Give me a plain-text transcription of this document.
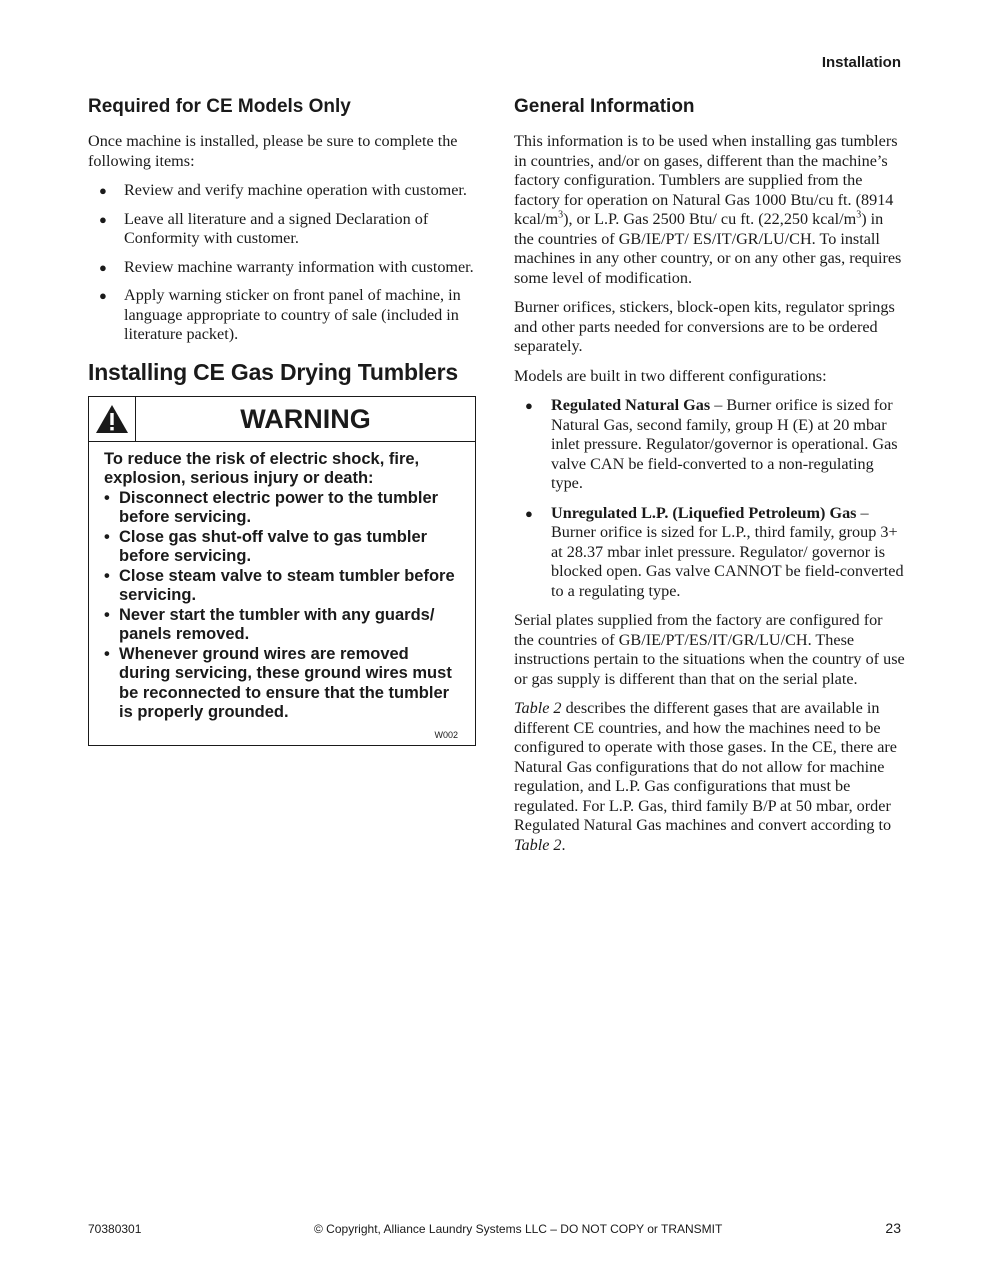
Installation
Required for CE Models Only

Once machine is installed, please be sure to complete the following items:

● Review and verify machine operation with customer.
● Leave all literature and a signed Declaration of Conformity with customer.
● Review machine warranty information with customer.
● Apply warning sticker on front panel of machine, in language appropriate to country of sale (included in literature packet).
Installing CE Gas Drying Tumblers
WARNING

To reduce the risk of electric shock, fire, explosion, serious injury or death:

• Disconnect electric power to the tumbler before servicing.
• Close gas shut-off valve to gas tumbler before servicing.
• Close steam valve to steam tumbler before servicing.
• Never start the tumbler with any guards/ panels removed.
• Whenever ground wires are removed during servicing, these ground wires must be reconnected to ensure that the tumbler is properly grounded.
W002
General Information

This information is to be used when installing gas tumblers in countries, and/or on gases, different than the machine’s factory configuration. Tumblers are supplied from the factory for operation on Natural Gas 1000 Btu/cu ft. (8914 kcal/$m^3$), or L.P. Gas 2500 Btu/ cu ft. (22,250 kcal/$m^3$) in the countries of GB/IE/PT/ ES/IT/GR/LU/CH. To install machines in any other country, or on any other gas, requires some level of modification.

Burner orifices, stickers, block-open kits, regulator springs and other parts needed for conversions are to be ordered separately.

Models are built in two different configurations:

● Regulated Natural Gas – Burner orifice is sized for Natural Gas, second family, group H (E) at 20 mbar inlet pressure. Regulator/governor is operational. Gas valve CAN be field-converted to a non-regulating type.
● Unregulated L.P. (Liquefied Petroleum) Gas – Burner orifice is sized for L.P., third family, group 3+ at 28.37 mbar inlet pressure. Regulator/ governor is blocked open. Gas valve CANNOT be field-converted to a regulating type.

Serial plates supplied from the factory are configured for the countries of GB/IE/PT/ES/IT/GR/LU/CH. These instructions pertain to the situations when the country of use or gas supply is different than that on the serial plate.

Table 2 describes the different gases that are available in different CE countries, and how the machines need to be configured to operate with those gases. In the CE, there are Natural Gas configurations that do not allow for machine regulation, and L.P. Gas configurations that must be regulated. For L.P. Gas, third family B/P at 50 mbar, order Regulated Natural Gas machines and convert according to Table 2.

70380301	© Copyright, Alliance Laundry Systems LLC – DO NOT COPY or TRANSMIT	23
